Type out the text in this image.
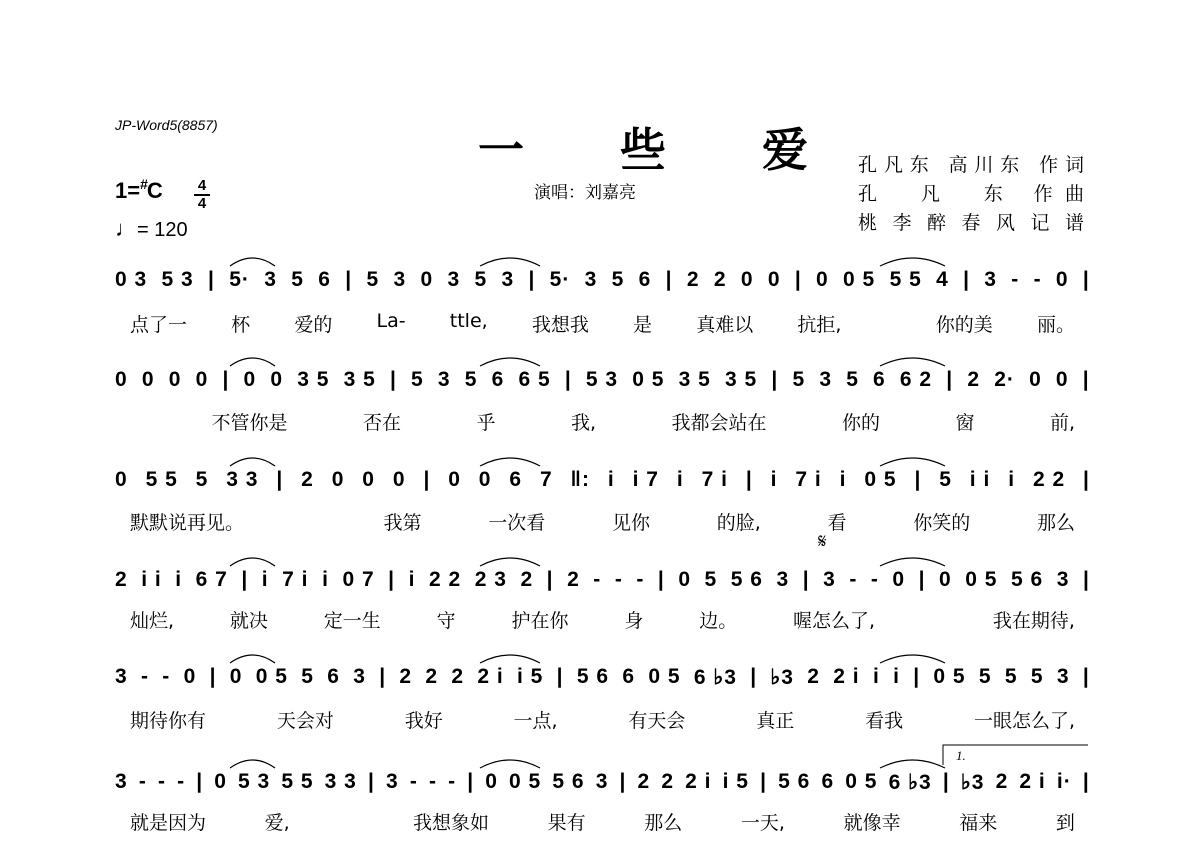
JP-Word5(8857)	一 些 爱
演唱：刘嘉亮
孔凡东 高川东 作词
孔　凡　东 作曲
桃李醉春风记谱
1=#C 4
4
♩= 120
0 3 5 3 | 5· 3 5 6 | 5 3 0 3 5 3 | 5· 3 5 6 | 2 2 0 0 | 0 0 5 5 5 4 | 3 - - 0 |
点了一 杯 爱的 La- ttle, 我想我 是 真难以 抗拒,
	你的美 丽。
0 0 0 0 | 0 0 3 5 3 5 | 5 3 5 6 6 5 | 5 3 0 5 3 5 3 5 | 5 3 5 6 6 2 | 2 2· 0 0 |

不管你是	否在	乎	我,	我都会站在	你的	窗	前,
0 5 5 5 3 3 | 2 0 0 0 | 0 0 6 7 ‖: i i 7 i 7 i | i 7 i i 0 5 | 5 i i i 2 2 |
默默说再见。
	我第	一次看	见你	的脸,	看	你笑的	那么
2 i i i 6 7 | i 7 i i 0 7 | i 2 2 2 3 2 | 2 - - - | 0 5 5 6 3 | 3 - - 0 | 0 0 5 5 6 3 |
灿烂,	就决	定一生	守	护在你	身	边。	喔怎么了,
	我在期待,
3 - - 0 | 0 0 5 5 6 3 | 2 2 2 2 i i 5 | 5 6 6 0 5 6 ♭3 | ♭3 2 2 i i i | 0 5 5 5 5 3 |
期待你有	天会对	我好	一点,	有天会	真正	看我	一眼怎么了,
3 - - - | 0 5 3 5 5 3 3 | 3 - - - | 0 0 5 5 6 3 | 2 2 2 i i 5 | 5 6 6 0 5 6 ♭3 | ♭3 2 2 i i· |
就是因为	爱,
	我想象如	果有	那么	一天,	就像幸	福来	到
1.
𝄋
